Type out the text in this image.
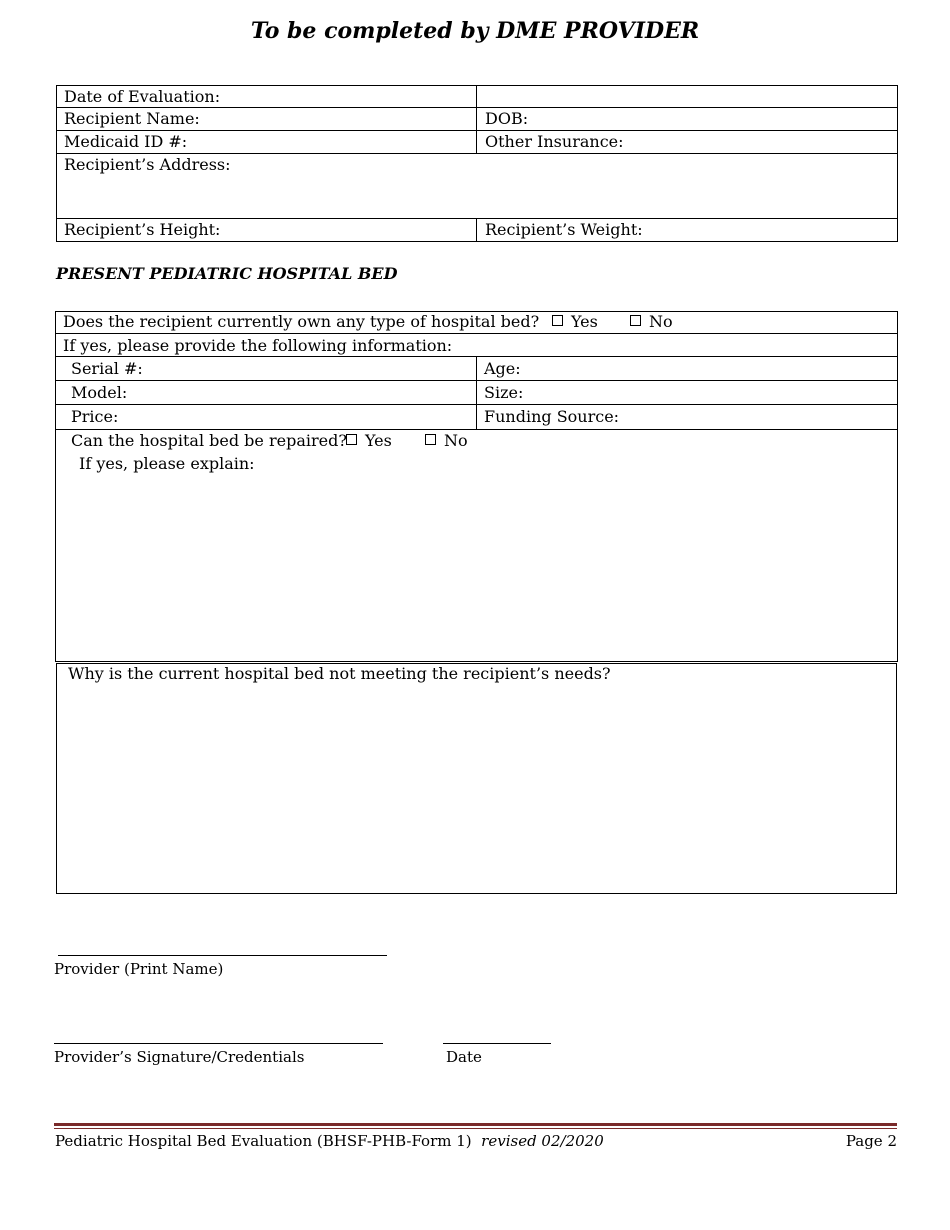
To be completed by DME PROVIDER
Date of Evaluation:
Recipient Name:	DOB:
Medicaid ID #:	Other Insurance:
Recipient’s Address:
Recipient’s Height:	Recipient’s Weight:
PRESENT PEDIATRIC HOSPITAL BED
Does the recipient currently own any type of hospital bed?	Yes	No
If yes, please provide the following information:
Serial #:	Age:
Model:	Size:
Price:	Funding Source:
Can the hospital bed be repaired?	Yes	No
If yes, please explain:
Why is the current hospital bed not meeting the recipient’s needs?
Provider (Print Name)
Provider’s Signature/Credentials	Date
Pediatric Hospital Bed Evaluation (BHSF-PHB-Form 1) revised 02/2020	Page 2
